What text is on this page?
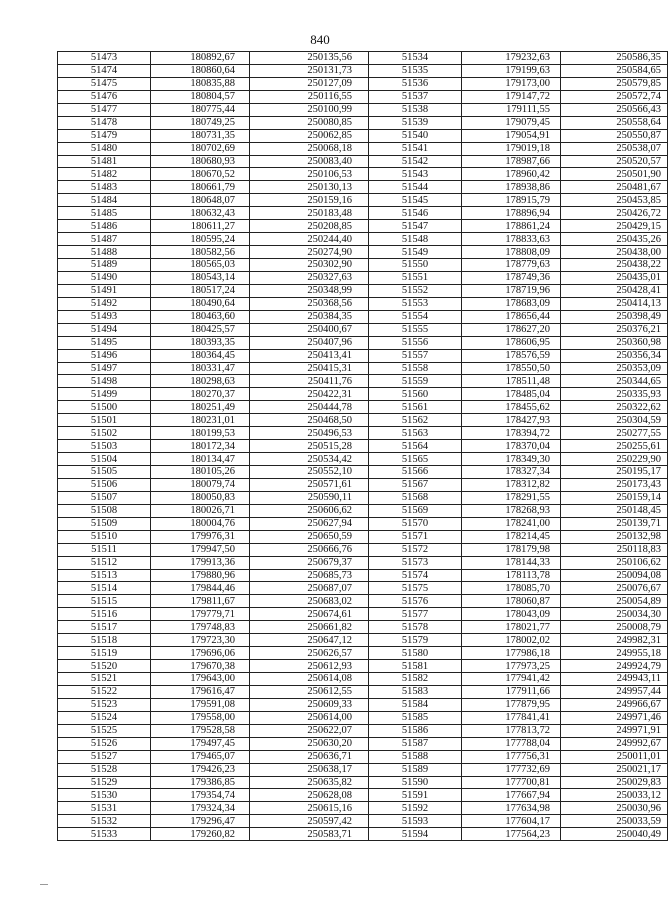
840
51473	180892,67	250135,56	51534	179232,63	250586,35
51474	180860,64	250131,73	51535	179199,63	250584,65
51475	180835,88	250127,09	51536	179173,00	250579,85
51476	180804,57	250116,55	51537	179147,72	250572,74
51477	180775,44	250100,99	51538	179111,55	250566,43
51478	180749,25	250080,85	51539	179079,45	250558,64
51479	180731,35	250062,85	51540	179054,91	250550,87
51480	180702,69	250068,18	51541	179019,18	250538,07
51481	180680,93	250083,40	51542	178987,66	250520,57
51482	180670,52	250106,53	51543	178960,42	250501,90
51483	180661,79	250130,13	51544	178938,86	250481,67
51484	180648,07	250159,16	51545	178915,79	250453,85
51485	180632,43	250183,48	51546	178896,94	250426,72
51486	180611,27	250208,85	51547	178861,24	250429,15
51487	180595,24	250244,40	51548	178833,63	250435,26
51488	180582,56	250274,90	51549	178808,09	250438,00
51489	180565,03	250302,90	51550	178779,63	250438,22
51490	180543,14	250327,63	51551	178749,36	250435,01
51491	180517,24	250348,99	51552	178719,96	250428,41
51492	180490,64	250368,56	51553	178683,09	250414,13
51493	180463,60	250384,35	51554	178656,44	250398,49
51494	180425,57	250400,67	51555	178627,20	250376,21
51495	180393,35	250407,96	51556	178606,95	250360,98
51496	180364,45	250413,41	51557	178576,59	250356,34
51497	180331,47	250415,31	51558	178550,50	250353,09
51498	180298,63	250411,76	51559	178511,48	250344,65
51499	180270,37	250422,31	51560	178485,04	250335,93
51500	180251,49	250444,78	51561	178455,62	250322,62
51501	180231,01	250468,50	51562	178427,93	250304,59
51502	180199,53	250496,53	51563	178394,72	250277,55
51503	180172,34	250515,28	51564	178370,04	250255,61
51504	180134,47	250534,42	51565	178349,30	250229,90
51505	180105,26	250552,10	51566	178327,34	250195,17
51506	180079,74	250571,61	51567	178312,82	250173,43
51507	180050,83	250590,11	51568	178291,55	250159,14
51508	180026,71	250606,62	51569	178268,93	250148,45
51509	180004,76	250627,94	51570	178241,00	250139,71
51510	179976,31	250650,59	51571	178214,45	250132,98
51511	179947,50	250666,76	51572	178179,98	250118,83
51512	179913,36	250679,37	51573	178144,33	250106,62
51513	179880,96	250685,73	51574	178113,78	250094,08
51514	179844,46	250687,07	51575	178085,70	250076,67
51515	179811,67	250683,02	51576	178060,87	250054,89
51516	179779,71	250674,61	51577	178043,09	250034,30
51517	179748,83	250661,82	51578	178021,77	250008,79
51518	179723,30	250647,12	51579	178002,02	249982,31
51519	179696,06	250626,57	51580	177986,18	249955,18
51520	179670,38	250612,93	51581	177973,25	249924,79
51521	179643,00	250614,08	51582	177941,42	249943,11
51522	179616,47	250612,55	51583	177911,66	249957,44
51523	179591,08	250609,33	51584	177879,95	249966,67
51524	179558,00	250614,00	51585	177841,41	249971,46
51525	179528,58	250622,07	51586	177813,72	249971,91
51526	179497,45	250630,20	51587	177788,04	249992,67
51527	179465,07	250636,71	51588	177756,31	250011,01
51528	179426,23	250638,17	51589	177732,69	250021,17
51529	179386,85	250635,82	51590	177700,81	250029,83
51530	179354,74	250628,08	51591	177667,94	250033,12
51531	179324,34	250615,16	51592	177634,98	250030,96
51532	179296,47	250597,42	51593	177604,17	250033,59
51533	179260,82	250583,71	51594	177564,23	250040,49
